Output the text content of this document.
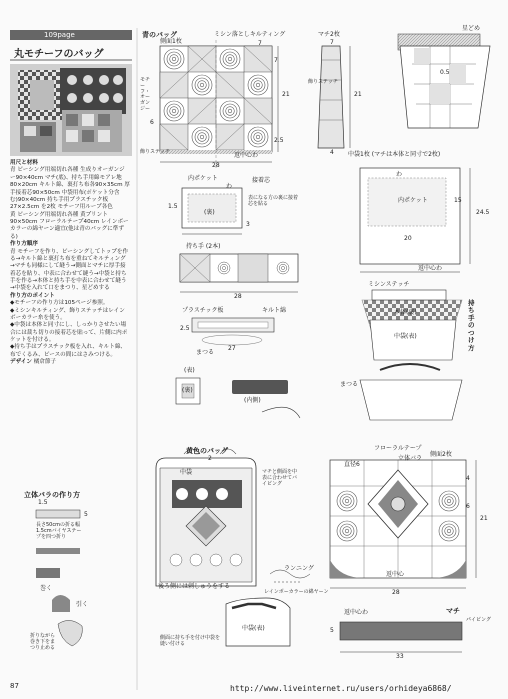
109page
丸モチーフのバッグ

用尺と材料

青 ピーシング用端切れ各種 生成りオーガンジー90×40cm マチ(底)、持ち手用綿モアレ地80×20cm キルト綿、裏打ち布各90×35cm 厚手接着芯90×50cm 中袋用布(ポケット分含む)90×40cm 持ち手用プラスチック板27×2.5cm を2枚 モチーフ用ループ各色

黄 ピーシング用端切れ各種 黄プリント90×50cm フローラルテープ40cm レインボーカラーの綿ヤーン適宜(他は青のバッグに準ずる)

作り方順序

青 モチーフを作り、ピーシングしてトップを作る→キルト綿と裏打ち布を重ねてキルティング→マチも同様にして縫う→側面とマチに厚手接着芯を貼り、中表に合わせて縫う→中袋と持ち手を作る→本体と持ち手を中表に合わせて縫う→中袋を入れて口をまつり、星どめする

作り方のポイント

◆モチーフの作り方は105ページ参照。

◆ミシンキルティング、飾りステッチはレインボーカラー糸を使う。

◆中袋は本体と同寸にし、しっかりさせたい場合には裁ち切りの接着芯を貼って、片側に内ポケットを付ける。

◆持ち手はプラスチック板を入れ、キルト綿、布でくるみ、ピースの間にはさみつける。

デザイン 橘倉節子

立体バラの作り方
1.5
5
長さ50cmの折る幅1.5cmバイヤステープを四つ折り
巻く
引く
折りながら巻き下をまつり止める
青のバッグ
側面1枚
ミシン落としキルティング
7
7
21
モチーフ・オーガンジー
6
2.5
28
返中心わ
飾りステッチ
マチ2枚
7
21
4
飾りステッチ
星どめ
0.5
内ポケット	接着芯
わ
1.5
3
表になる方の裏に接着芯を貼る
(裏)
中袋1枚 (マチは本体と同寸で2枚)
わ
内ポケット	15
20
24.5
返中心わ
持ち手 (2本)
28
プラスチック板	キルト綿
2.5
27
まつる
(表)
(裏)
(内側)
持ち手のつけ方
ミシンステッチ
本体(裏)
中袋(表)
まつる
黄色のバッグ
2
中袋	マチと側面を中表に合わせてバイピング
ランニング
レインボーカラーの綿ヤーン
後ろ側には刺しゅうをする
側面に持ち手を付け中袋を縫い付ける
中袋(表)
側面2枚
フローラルテープ
立体バラ
直径6
4
6
21
28
返中心
マチ
返中心わ
5
33
パイピング
87	http://www.liveinternet.ru/users/orhideya6868/
